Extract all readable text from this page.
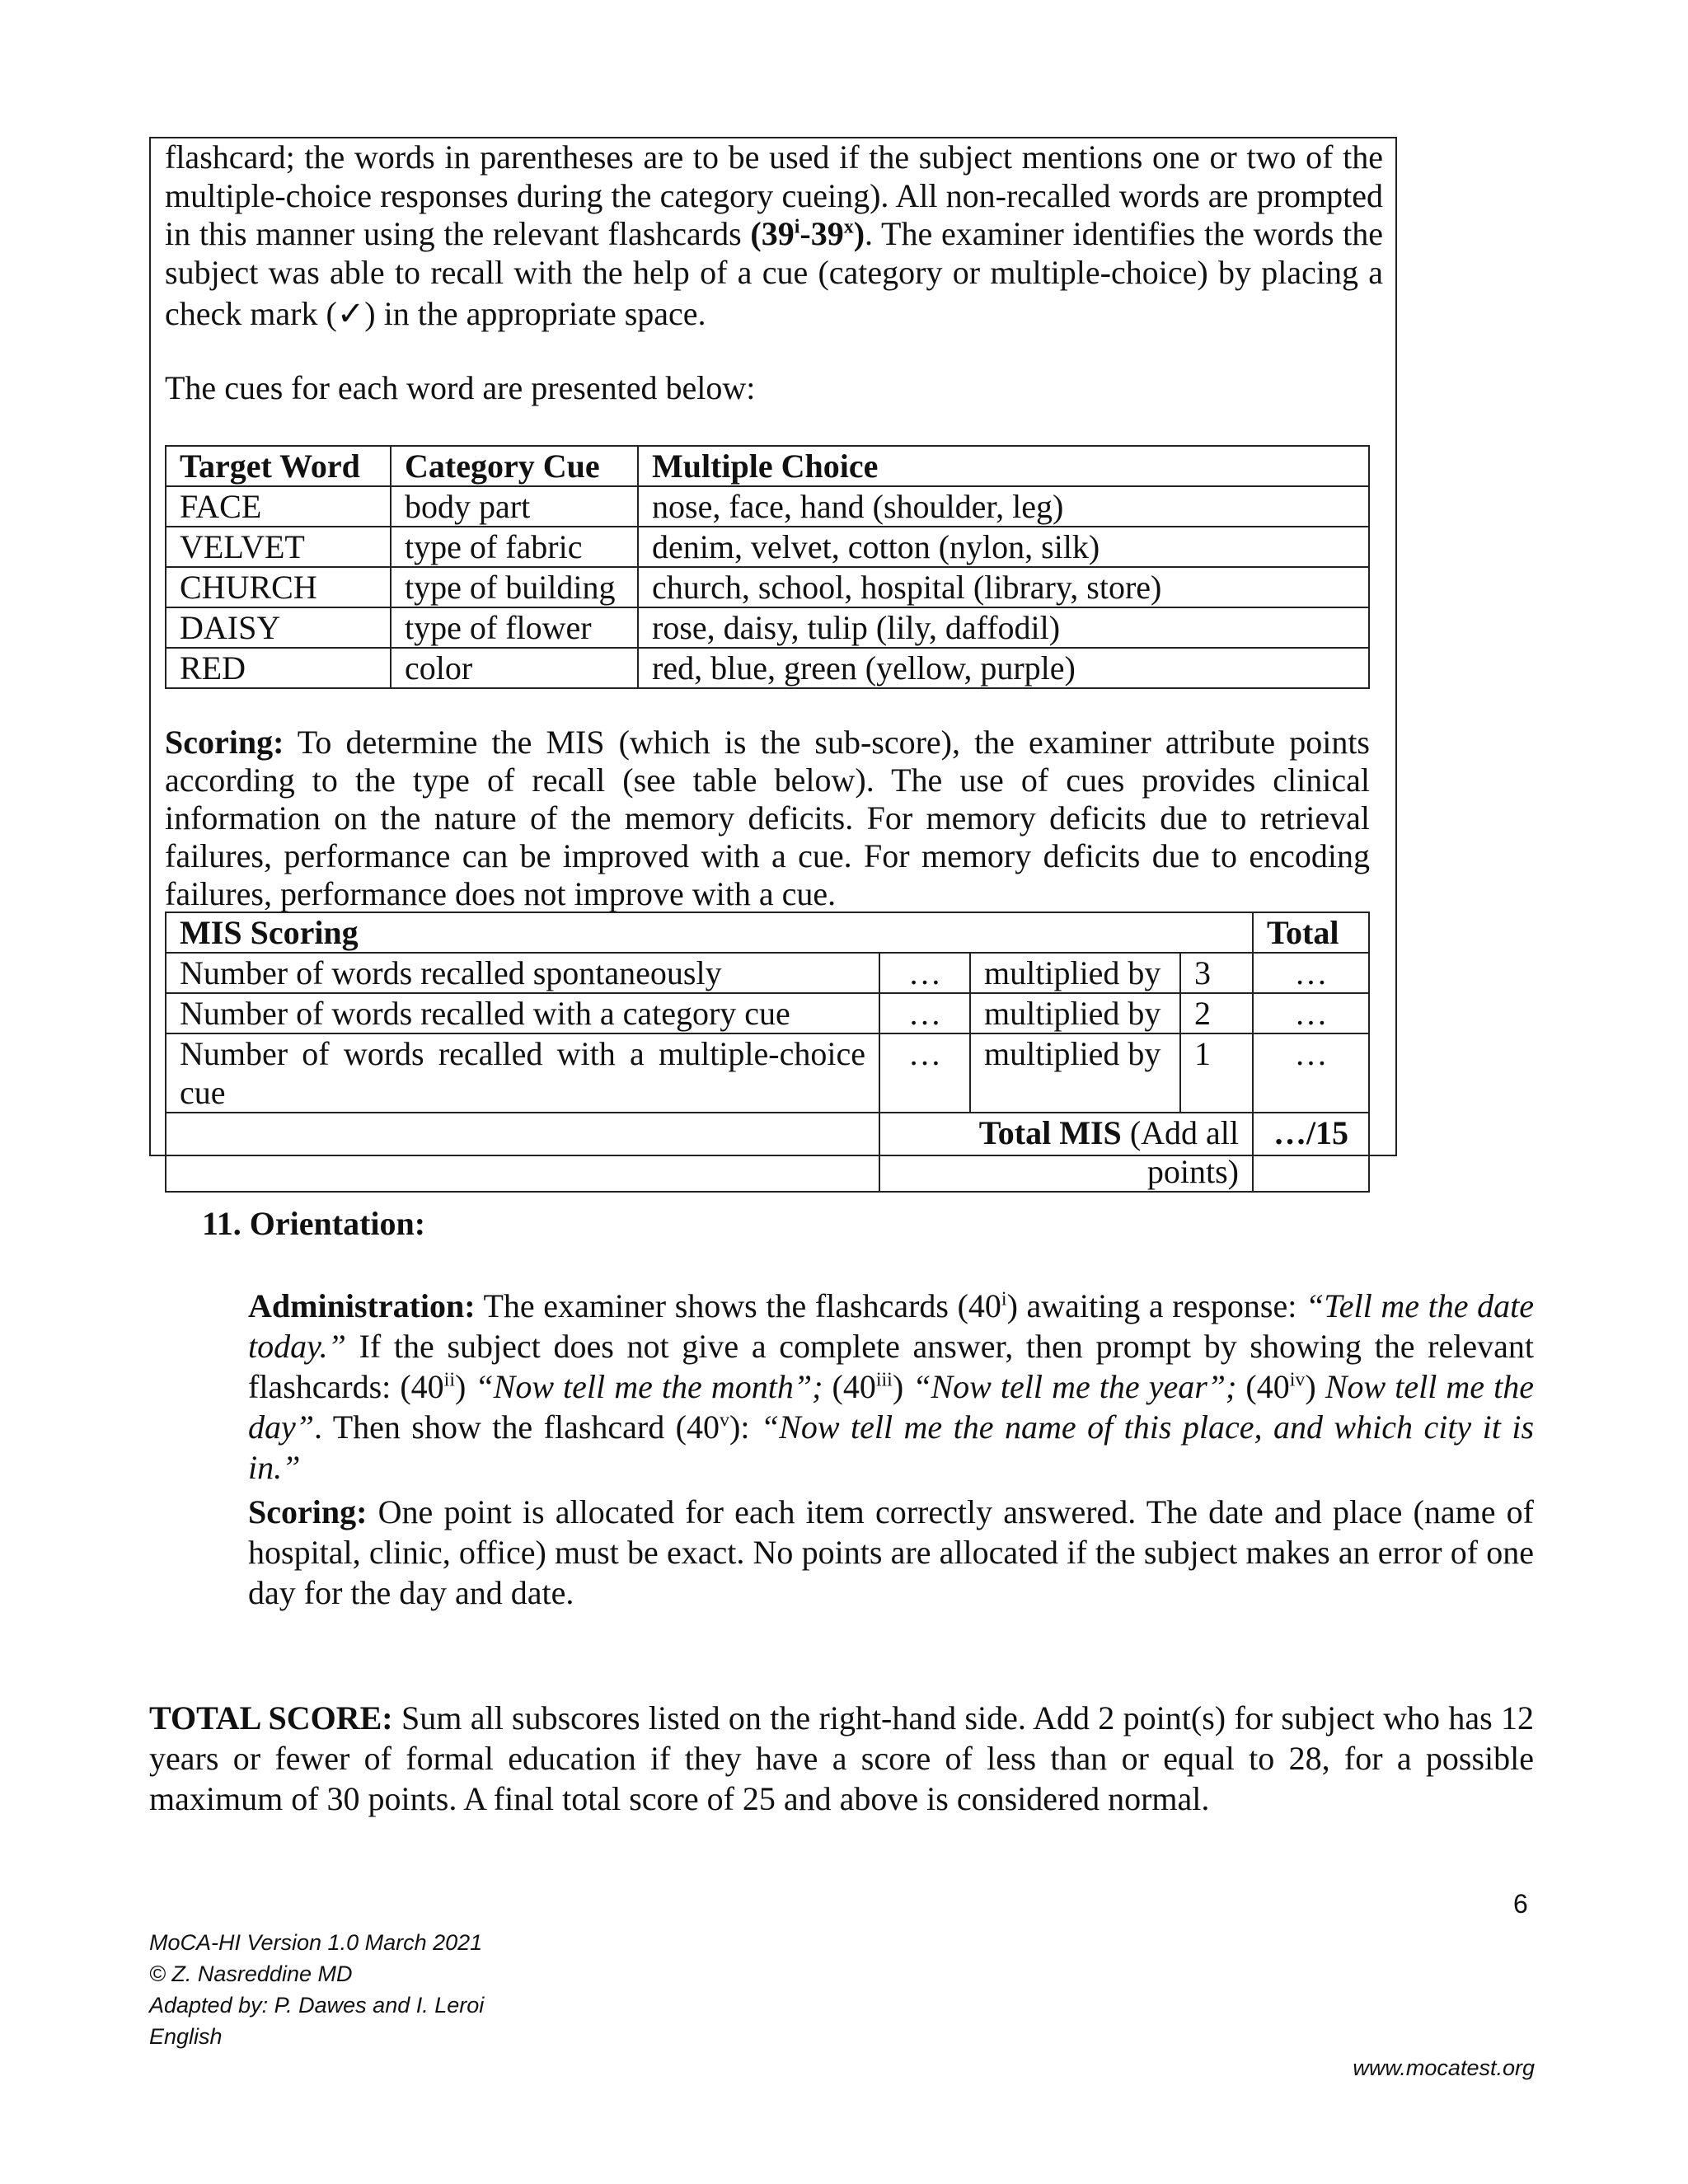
flashcard; the words in parentheses are to be used if the subject mentions one or two of the
multiple-choice responses during the category cueing). All non-recalled words are prompted
in this manner using the relevant flashcards (39$^i$-39$^x$). The examiner identifies the words the
subject was able to recall with the help of a cue (category or multiple-choice) by placing a
check mark (✓) in the appropriate space.
The cues for each word are presented below:
Target Word	Category Cue	Multiple Choice
FACE	body part	nose, face, hand (shoulder, leg)
VELVET	type of fabric	denim, velvet, cotton (nylon, silk)
CHURCH	type of building	church, school, hospital (library, store)
DAISY	type of flower	rose, daisy, tulip (lily, daffodil)
RED	color	red, blue, green (yellow, purple)
Scoring: To determine the MIS (which is the sub-score), the examiner attribute points according to the type of recall (see table below). The use of cues provides clinical information on the nature of the memory deficits. For memory deficits due to retrieval failures, performance can be improved with a cue. For memory deficits due to encoding failures, performance does not improve with a cue.
MIS Scoring				Total
Number of words recalled spontaneously	…	multiplied by	3	…
Number of words recalled with a category cue	…	multiplied by	2	…
Number of words recalled with a multiple-choice cue	…	multiplied by	1	…
	Total MIS (Add all points)			…/15
11. Orientation:
Administration: The examiner shows the flashcards (40$^i$) awaiting a response: “Tell me the date today.” If the subject does not give a complete answer, then prompt by showing the relevant flashcards: (40$^{ii}$) “Now tell me the month”; (40$^{iii}$) “Now tell me the year”; (40$^{iv}$) Now tell me the day”. Then show the flashcard (40$^v$): “Now tell me the name of this place, and which city it is in.”
Scoring: One point is allocated for each item correctly answered. The date and place (name of hospital, clinic, office) must be exact. No points are allocated if the subject makes an error of one day for the day and date.
TOTAL SCORE: Sum all subscores listed on the right-hand side. Add 2 point(s) for subject who has 12 years or fewer of formal education if they have a score of less than or equal to 28, for a possible maximum of 30 points. A final total score of 25 and above is considered normal.
6
MoCA-HI Version 1.0 March 2021
© Z. Nasreddine MD
Adapted by: P. Dawes and I. Leroi
English
www.mocatest.org
